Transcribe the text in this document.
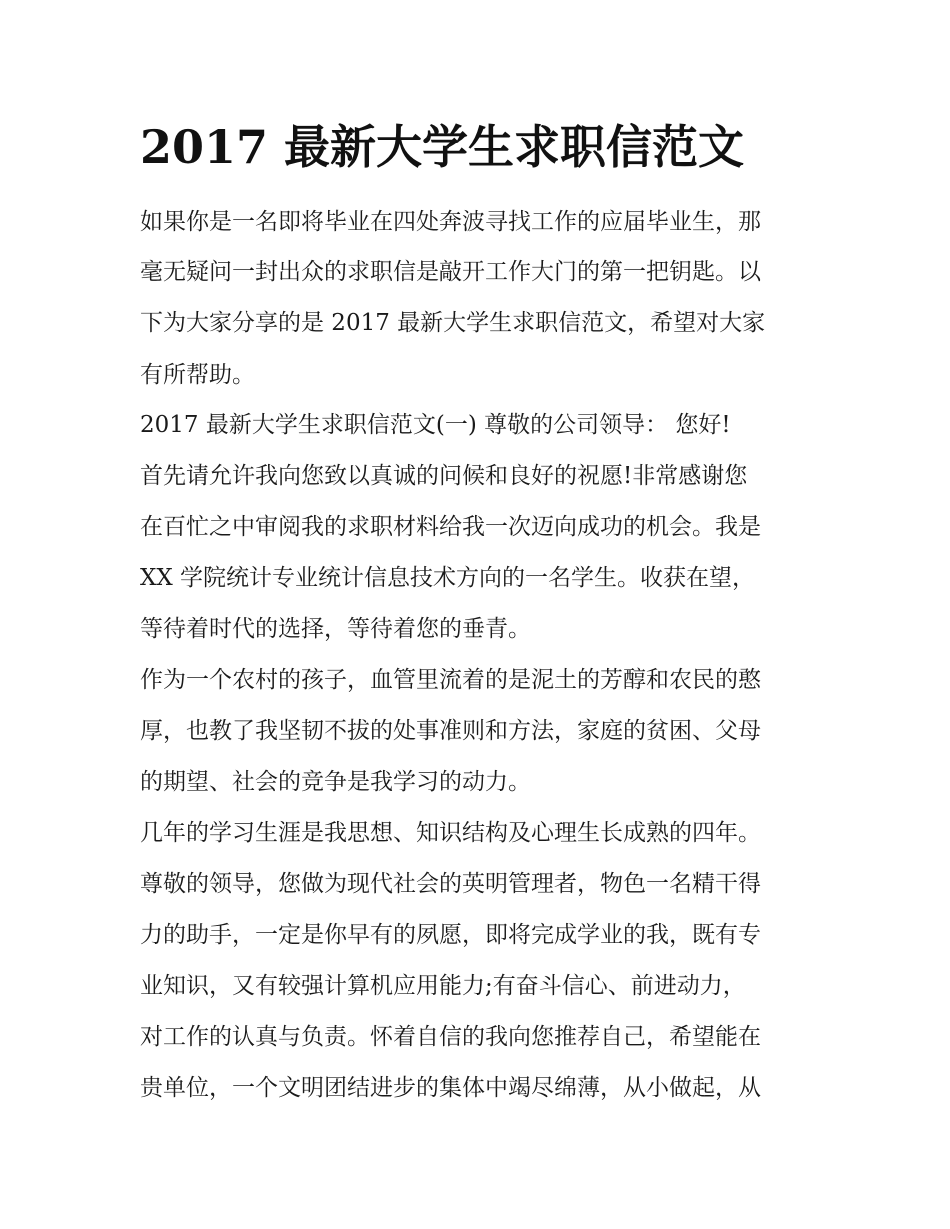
2017 最新大学生求职信范文

如果你是一名即将毕业在四处奔波寻找工作的应届毕业生，那

毫无疑问一封出众的求职信是敲开工作大门的第一把钥匙。以

下为大家分享的是 2017 最新大学生求职信范文，希望对大家

有所帮助。

2017 最新大学生求职信范文(一) 尊敬的公司领导： 您好!

首先请允许我向您致以真诚的问候和良好的祝愿!非常感谢您

在百忙之中审阅我的求职材料给我一次迈向成功的机会。我是

XX 学院统计专业统计信息技术方向的一名学生。收获在望，

等待着时代的选择，等待着您的垂青。

作为一个农村的孩子，血管里流着的是泥土的芳醇和农民的憨

厚，也教了我坚韧不拔的处事准则和方法，家庭的贫困、父母

的期望、社会的竞争是我学习的动力。

几年的学习生涯是我思想、知识结构及心理生长成熟的四年。

尊敬的领导，您做为现代社会的英明管理者，物色一名精干得

力的助手，一定是你早有的夙愿，即将完成学业的我，既有专

业知识，又有较强计算机应用能力;有奋斗信心、前进动力，

对工作的认真与负责。怀着自信的我向您推荐自己，希望能在

贵单位，一个文明团结进步的集体中竭尽绵薄，从小做起，从
